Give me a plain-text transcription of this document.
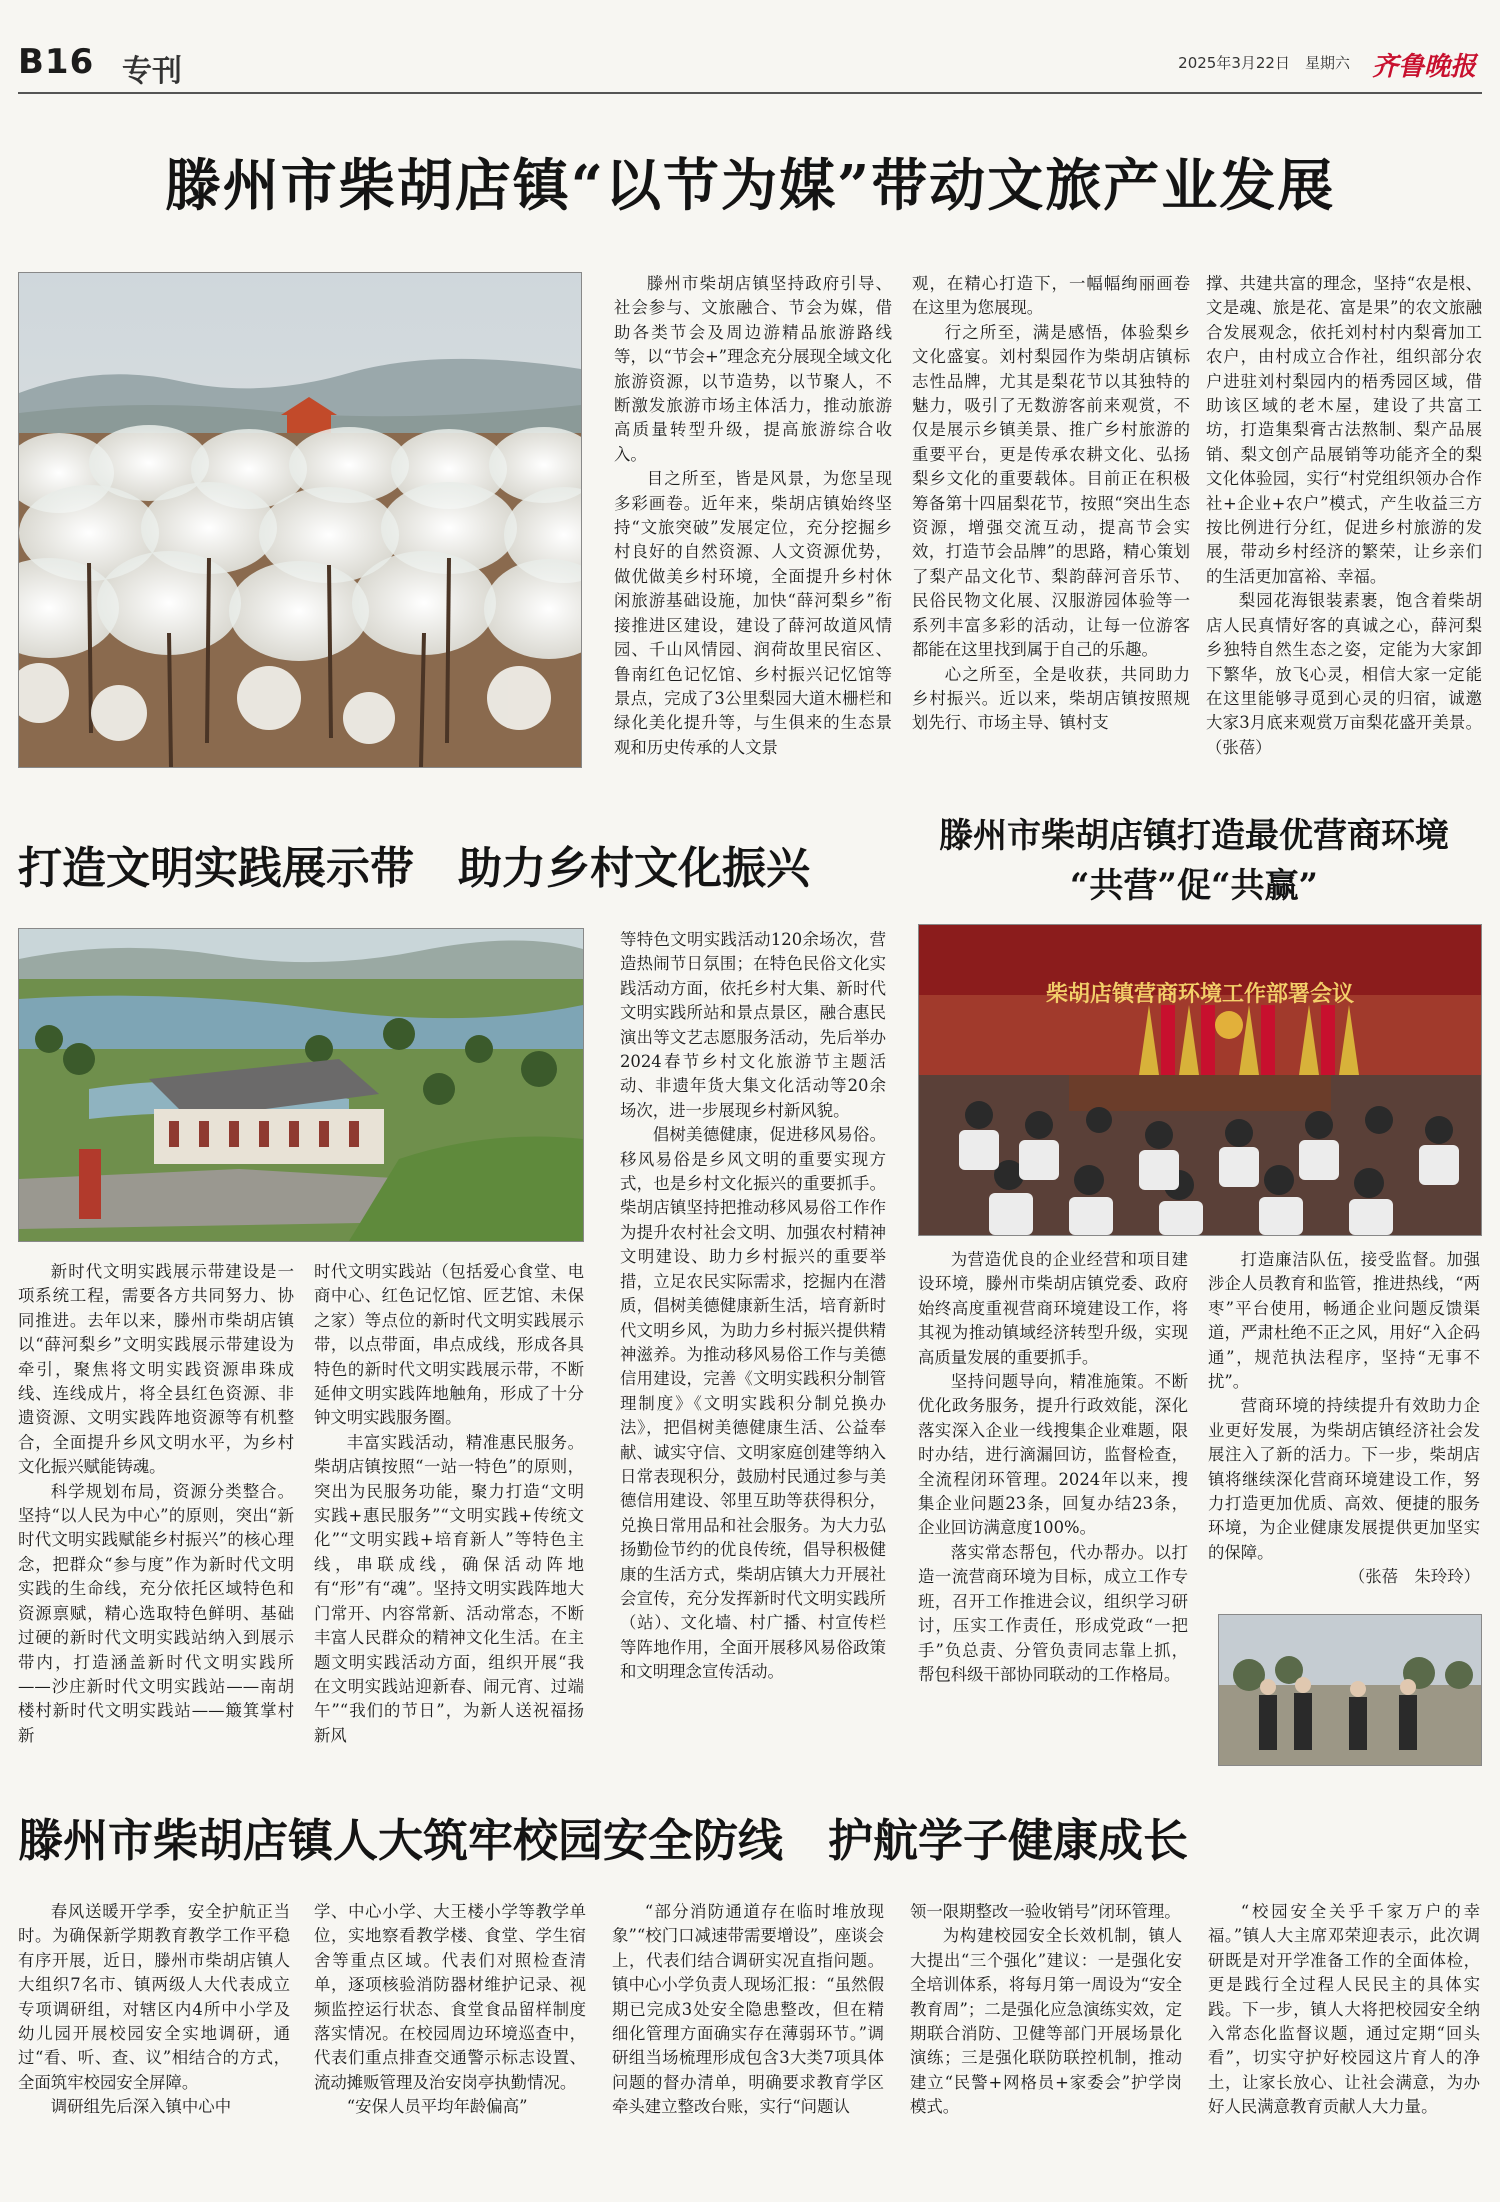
B16 专刊	2025年3月22日　 星期六 齐鲁晚报
滕州市柴胡店镇“以节为媒”带动文旅产业发展

滕州市柴胡店镇坚持政府引导、社会参与、文旅融合、节会为媒，借助各类节会及周边游精品旅游路线等，以“节会+”理念充分展现全域文化旅游资源，以节造势，以节聚人，不断激发旅游市场主体活力，推动旅游高质量转型升级，提高旅游综合收入。

目之所至，皆是风景，为您呈现多彩画卷。近年来，柴胡店镇始终坚持“文旅突破”发展定位，充分挖掘乡村良好的自然资源、人文资源优势，做优做美乡村环境，全面提升乡村休闲旅游基础设施，加快“薛河梨乡”衔接推进区建设，建设了薛河故道风情园、千山风情园、润荷故里民宿区、鲁南红色记忆馆、乡村振兴记忆馆等景点，完成了3公里梨园大道木栅栏和绿化美化提升等，与生俱来的生态景观和历史传承的人文景

观，在精心打造下，一幅幅绚丽画卷在这里为您展现。

行之所至，满是感悟，体验梨乡文化盛宴。刘村梨园作为柴胡店镇标志性品牌，尤其是梨花节以其独特的魅力，吸引了无数游客前来观赏，不仅是展示乡镇美景、推广乡村旅游的重要平台，更是传承农耕文化、弘扬梨乡文化的重要载体。目前正在积极筹备第十四届梨花节，按照“突出生态资源，增强交流互动，提高节会实效，打造节会品牌”的思路，精心策划了梨产品文化节、梨韵薛河音乐节、民俗民物文化展、汉服游园体验等一系列丰富多彩的活动，让每一位游客都能在这里找到属于自己的乐趣。

心之所至，全是收获，共同助力乡村振兴。近以来，柴胡店镇按照规划先行、市场主导、镇村支

撑、共建共富的理念，坚持“农是根、文是魂、旅是花、富是果”的农文旅融合发展观念，依托刘村村内梨膏加工农户，由村成立合作社，组织部分农户进驻刘村梨园内的梧秀园区域，借助该区域的老木屋，建设了共富工坊，打造集梨膏古法熬制、梨产品展销、梨文创产品展销等功能齐全的梨文化体验园，实行“村党组织领办合作社+企业+农户”模式，产生收益三方按比例进行分红，促进乡村旅游的发展，带动乡村经济的繁荣，让乡亲们的生活更加富裕、幸福。

梨园花海银装素裹，饱含着柴胡店人民真情好客的真诚之心，薛河梨乡独特自然生态之姿，定能为大家卸下繁华，放飞心灵，相信大家一定能在这里能够寻觅到心灵的归宿，诚邀大家3月底来观赏万亩梨花盛开美景。（张蓓）

打造文明实践展示带　助力乡村文化振兴

新时代文明实践展示带建设是一项系统工程，需要各方共同努力、协同推进。去年以来，滕州市柴胡店镇以“薛河梨乡”文明实践展示带建设为牵引，聚焦将文明实践资源串珠成线、连线成片，将全县红色资源、非遗资源、文明实践阵地资源等有机整合，全面提升乡风文明水平，为乡村文化振兴赋能铸魂。

科学规划布局，资源分类整合。坚持“以人民为中心”的原则，突出“新时代文明实践赋能乡村振兴”的核心理念，把群众“参与度”作为新时代文明实践的生命线，充分依托区域特色和资源禀赋，精心选取特色鲜明、基础过硬的新时代文明实践站纳入到展示带内，打造涵盖新时代文明实践所——沙庄新时代文明实践站——南胡楼村新时代文明实践站——簸箕掌村新

时代文明实践站（包括爱心食堂、电商中心、红色记忆馆、匠艺馆、未保之家）等点位的新时代文明实践展示带，以点带面，串点成线，形成各具特色的新时代文明实践展示带，不断延伸文明实践阵地触角，形成了十分钟文明实践服务圈。

丰富实践活动，精准惠民服务。柴胡店镇按照“一站一特色”的原则，突出为民服务功能，聚力打造“文明实践+惠民服务”“文明实践+传统文化”“文明实践+培育新人”等特色主线，串联成线，确保活动阵地有“形”有“魂”。坚持文明实践阵地大门常开、内容常新、活动常态，不断丰富人民群众的精神文化生活。在主题文明实践活动方面，组织开展“我在文明实践站迎新春、闹元宵、过端午”“我们的节日”，为新人送祝福扬新风

等特色文明实践活动120余场次，营造热闹节日氛围；在特色民俗文化实践活动方面，依托乡村大集、新时代文明实践所站和景点景区，融合惠民演出等文艺志愿服务活动，先后举办2024春节乡村文化旅游节主题活动、非遗年货大集文化活动等20余场次，进一步展现乡村新风貌。

倡树美德健康，促进移风易俗。移风易俗是乡风文明的重要实现方式，也是乡村文化振兴的重要抓手。柴胡店镇坚持把推动移风易俗工作作为提升农村社会文明、加强农村精神文明建设、助力乡村振兴的重要举措，立足农民实际需求，挖掘内在潜质，倡树美德健康新生活，培育新时代文明乡风，为助力乡村振兴提供精神滋养。为推动移风易俗工作与美德信用建设，完善《文明实践积分制管理制度》《文明实践积分制兑换办法》，把倡树美德健康生活、公益奉献、诚实守信、文明家庭创建等纳入日常表现积分，鼓励村民通过参与美德信用建设、邻里互助等获得积分，兑换日常用品和社会服务。为大力弘扬勤俭节约的优良传统，倡导积极健康的生活方式，柴胡店镇大力开展社会宣传，充分发挥新时代文明实践所（站）、文化墙、村广播、村宣传栏等阵地作用，全面开展移风易俗政策和文明理念宣传活动。

滕州市柴胡店镇打造最优营商环境
“共营”促“共赢”
柴胡店镇营商环境工作部署会议

为营造优良的企业经营和项目建设环境，滕州市柴胡店镇党委、政府始终高度重视营商环境建设工作，将其视为推动镇域经济转型升级，实现高质量发展的重要抓手。

坚持问题导向，精准施策。不断优化政务服务，提升行政效能，深化落实深入企业一线搜集企业难题，限时办结，进行滴漏回访，监督检查，全流程闭环管理。2024年以来，搜集企业问题23条，回复办结23条，企业回访满意度100%。

落实常态帮包，代办帮办。以打造一流营商环境为目标，成立工作专班，召开工作推进会议，组织学习研讨，压实工作责任，形成党政“一把手”负总责、分管负责同志靠上抓，帮包科级干部协同联动的工作格局。

打造廉洁队伍，接受监督。加强涉企人员教育和监管，推进热线，“两枣”平台使用，畅通企业问题反馈渠道，严肃杜绝不正之风，用好“入企码通”，规范执法程序，坚持“无事不扰”。

营商环境的持续提升有效助力企业更好发展，为柴胡店镇经济社会发展注入了新的活力。下一步，柴胡店镇将继续深化营商环境建设工作，努力打造更加优质、高效、便捷的服务环境，为企业健康发展提供更加坚实的保障。

（张蓓　朱玲玲）

滕州市柴胡店镇人大筑牢校园安全防线　护航学子健康成长

春风送暖开学季，安全护航正当时。为确保新学期教育教学工作平稳有序开展，近日，滕州市柴胡店镇人大组织7名市、镇两级人大代表成立专项调研组，对辖区内4所中小学及幼儿园开展校园安全实地调研，通过“看、听、查、议”相结合的方式，全面筑牢校园安全屏障。

调研组先后深入镇中心中

学、中心小学、大王楼小学等教学单位，实地察看教学楼、食堂、学生宿舍等重点区域。代表们对照检查清单，逐项核验消防器材维护记录、视频监控运行状态、食堂食品留样制度落实情况。在校园周边环境巡查中，代表们重点排查交通警示标志设置、流动摊贩管理及治安岗亭执勤情况。

“安保人员平均年龄偏高”

“部分消防通道存在临时堆放现象”“校门口减速带需要增设”，座谈会上，代表们结合调研实况直指问题。镇中心小学负责人现场汇报：“虽然假期已完成3处安全隐患整改，但在精细化管理方面确实存在薄弱环节。”调研组当场梳理形成包含3大类7项具体问题的督办清单，明确要求教育学区牵头建立整改台账，实行“问题认

领一限期整改一验收销号”闭环管理。

为构建校园安全长效机制，镇人大提出“三个强化”建议：一是强化安全培训体系，将每月第一周设为“安全教育周”；二是强化应急演练实效，定期联合消防、卫健等部门开展场景化演练；三是强化联防联控机制，推动建立“民警+网格员+家委会”护学岗模式。

“校园安全关乎千家万户的幸福。”镇人大主席邓荣迎表示，此次调研既是对开学准备工作的全面体检，更是践行全过程人民民主的具体实践。下一步，镇人大将把校园安全纳入常态化监督议题，通过定期“回头看”，切实守护好校园这片育人的净土，让家长放心、让社会满意，为办好人民满意教育贡献人大力量。
